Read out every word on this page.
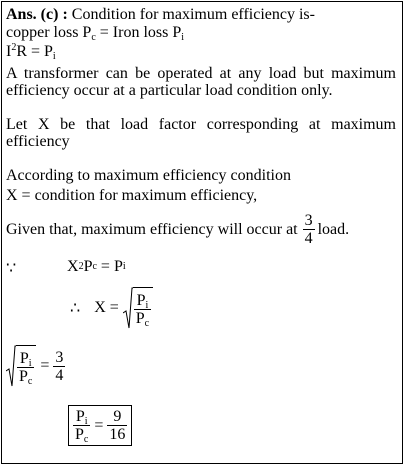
Ans. (c) : Condition for maximum efficiency is-
copper loss $P_c$ = Iron loss $P_i$
$I^2R = P_i$
A transformer can be operated at any load but maximum efficiency occur at a particular load condition only.
Let X be that load factor corresponding at maximum efficiency
According to maximum efficiency condition
X = condition for maximum efficiency,
Given that, maximum efficiency will occur at $\frac{3}{4}$ load.
∵	X 2 P c = P i
∴ $X = \frac{P_i}{P_c}$
$\frac{P_i}{P_c} = \frac{3}{4}$
$\frac{P_i}{P_c} = \frac{9}{16}$
